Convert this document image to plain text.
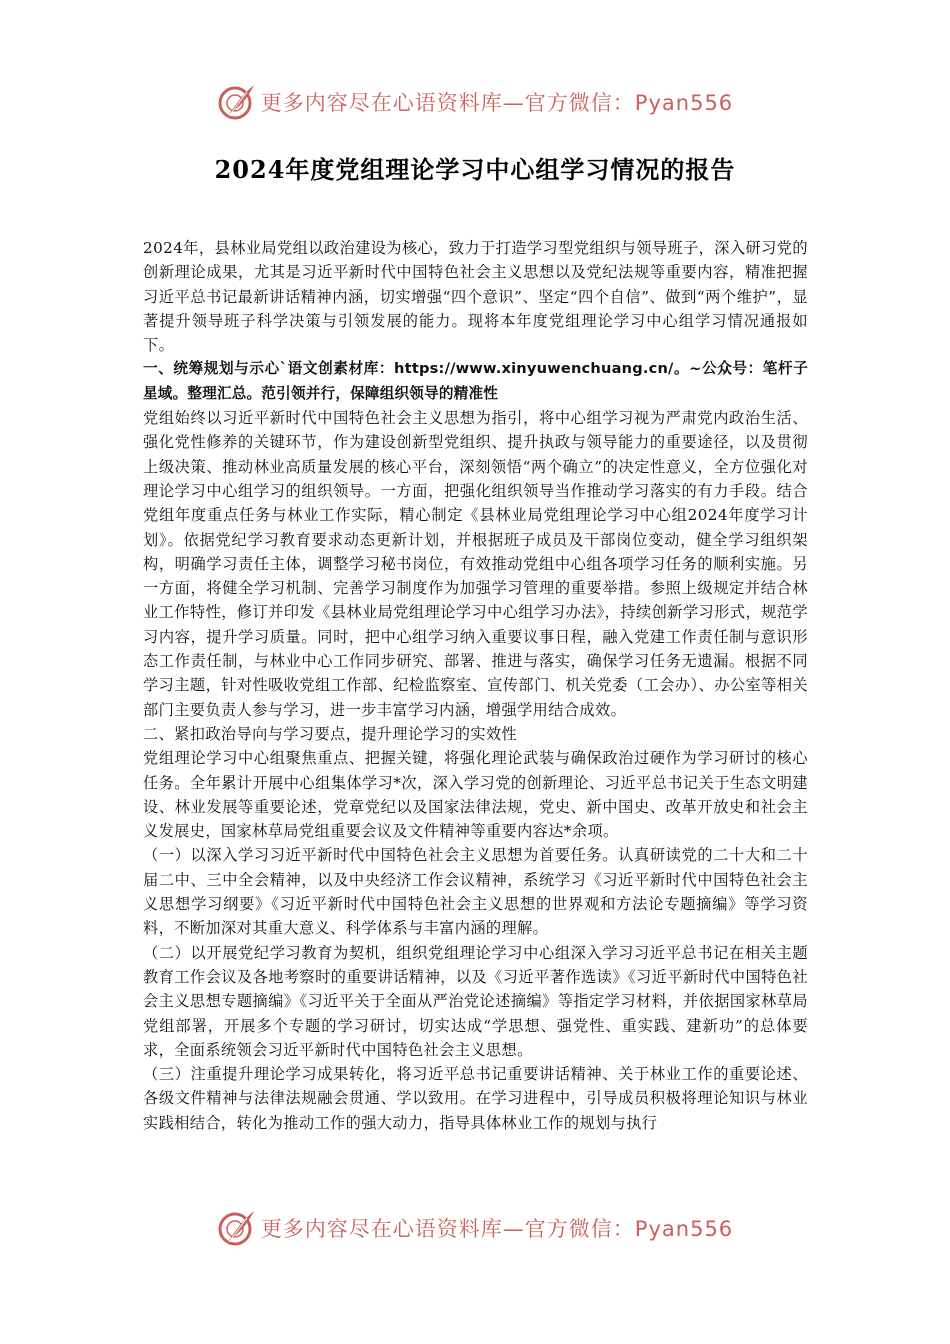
更多内容尽在心语资料库—官方微信：Pyan556
2024年度党组理论学习中心组学习情况的报告

2024年，县林业局党组以政治建设为核心，致力于打造学习型党组织与领导班子，深入研习党的创新理论成果，尤其是习近平新时代中国特色社会主义思想以及党纪法规等重要内容，精准把握习近平总书记最新讲话精神内涵，切实增强“四个意识”、坚定“四个自信”、做到“两个维护”，显著提升领导班子科学决策与引领发展的能力。现将本年度党组理论学习中心组学习情况通报如下。

一、统筹规划与示心`语文创素材库：https://www.xinyuwenchuang.cn/。~公众号：笔杆子星域。整理汇总。范引领并行，保障组织领导的精准性

党组始终以习近平新时代中国特色社会主义思想为指引，将中心组学习视为严肃党内政治生活、强化党性修养的关键环节，作为建设创新型党组织、提升执政与领导能力的重要途径，以及贯彻上级决策、推动林业高质量发展的核心平台，深刻领悟“两个确立”的决定性意义，全方位强化对理论学习中心组学习的组织领导。一方面，把强化组织领导当作推动学习落实的有力手段。结合党组年度重点任务与林业工作实际，精心制定《县林业局党组理论学习中心组2024年度学习计划》。依据党纪学习教育要求动态更新计划，并根据班子成员及干部岗位变动，健全学习组织架构，明确学习责任主体，调整学习秘书岗位，有效推动党组中心组各项学习任务的顺利实施。另一方面，将健全学习机制、完善学习制度作为加强学习管理的重要举措。参照上级规定并结合林业工作特性，修订并印发《县林业局党组理论学习中心组学习办法》，持续创新学习形式，规范学习内容，提升学习质量。同时，把中心组学习纳入重要议事日程，融入党建工作责任制与意识形态工作责任制，与林业中心工作同步研究、部署、推进与落实，确保学习任务无遗漏。根据不同学习主题，针对性吸收党组工作部、纪检监察室、宣传部门、机关党委（工会办）、办公室等相关部门主要负责人参与学习，进一步丰富学习内涵，增强学用结合成效。

二、紧扣政治导向与学习要点，提升理论学习的实效性

党组理论学习中心组聚焦重点、把握关键，将强化理论武装与确保政治过硬作为学习研讨的核心任务。全年累计开展中心组集体学习*次，深入学习党的创新理论、习近平总书记关于生态文明建设、林业发展等重要论述，党章党纪以及国家法律法规，党史、新中国史、改革开放史和社会主义发展史，国家林草局党组重要会议及文件精神等重要内容达*余项。

（一）以深入学习习近平新时代中国特色社会主义思想为首要任务。认真研读党的二十大和二十届二中、三中全会精神，以及中央经济工作会议精神，系统学习《习近平新时代中国特色社会主义思想学习纲要》《习近平新时代中国特色社会主义思想的世界观和方法论专题摘编》等学习资料，不断加深对其重大意义、科学体系与丰富内涵的理解。

（二）以开展党纪学习教育为契机，组织党组理论学习中心组深入学习习近平总书记在相关主题教育工作会议及各地考察时的重要讲话精神，以及《习近平著作选读》《习近平新时代中国特色社会主义思想专题摘编》《习近平关于全面从严治党论述摘编》等指定学习材料，并依据国家林草局党组部署，开展多个专题的学习研讨，切实达成“学思想、强党性、重实践、建新功”的总体要求，全面系统领会习近平新时代中国特色社会主义思想。

（三）注重提升理论学习成果转化，将习近平总书记重要讲话精神、关于林业工作的重要论述、各级文件精神与法律法规融会贯通、学以致用。在学习进程中，引导成员积极将理论知识与林业实践相结合，转化为推动工作的强大动力，指导具体林业工作的规划与执行

更多内容尽在心语资料库—官方微信：Pyan556
